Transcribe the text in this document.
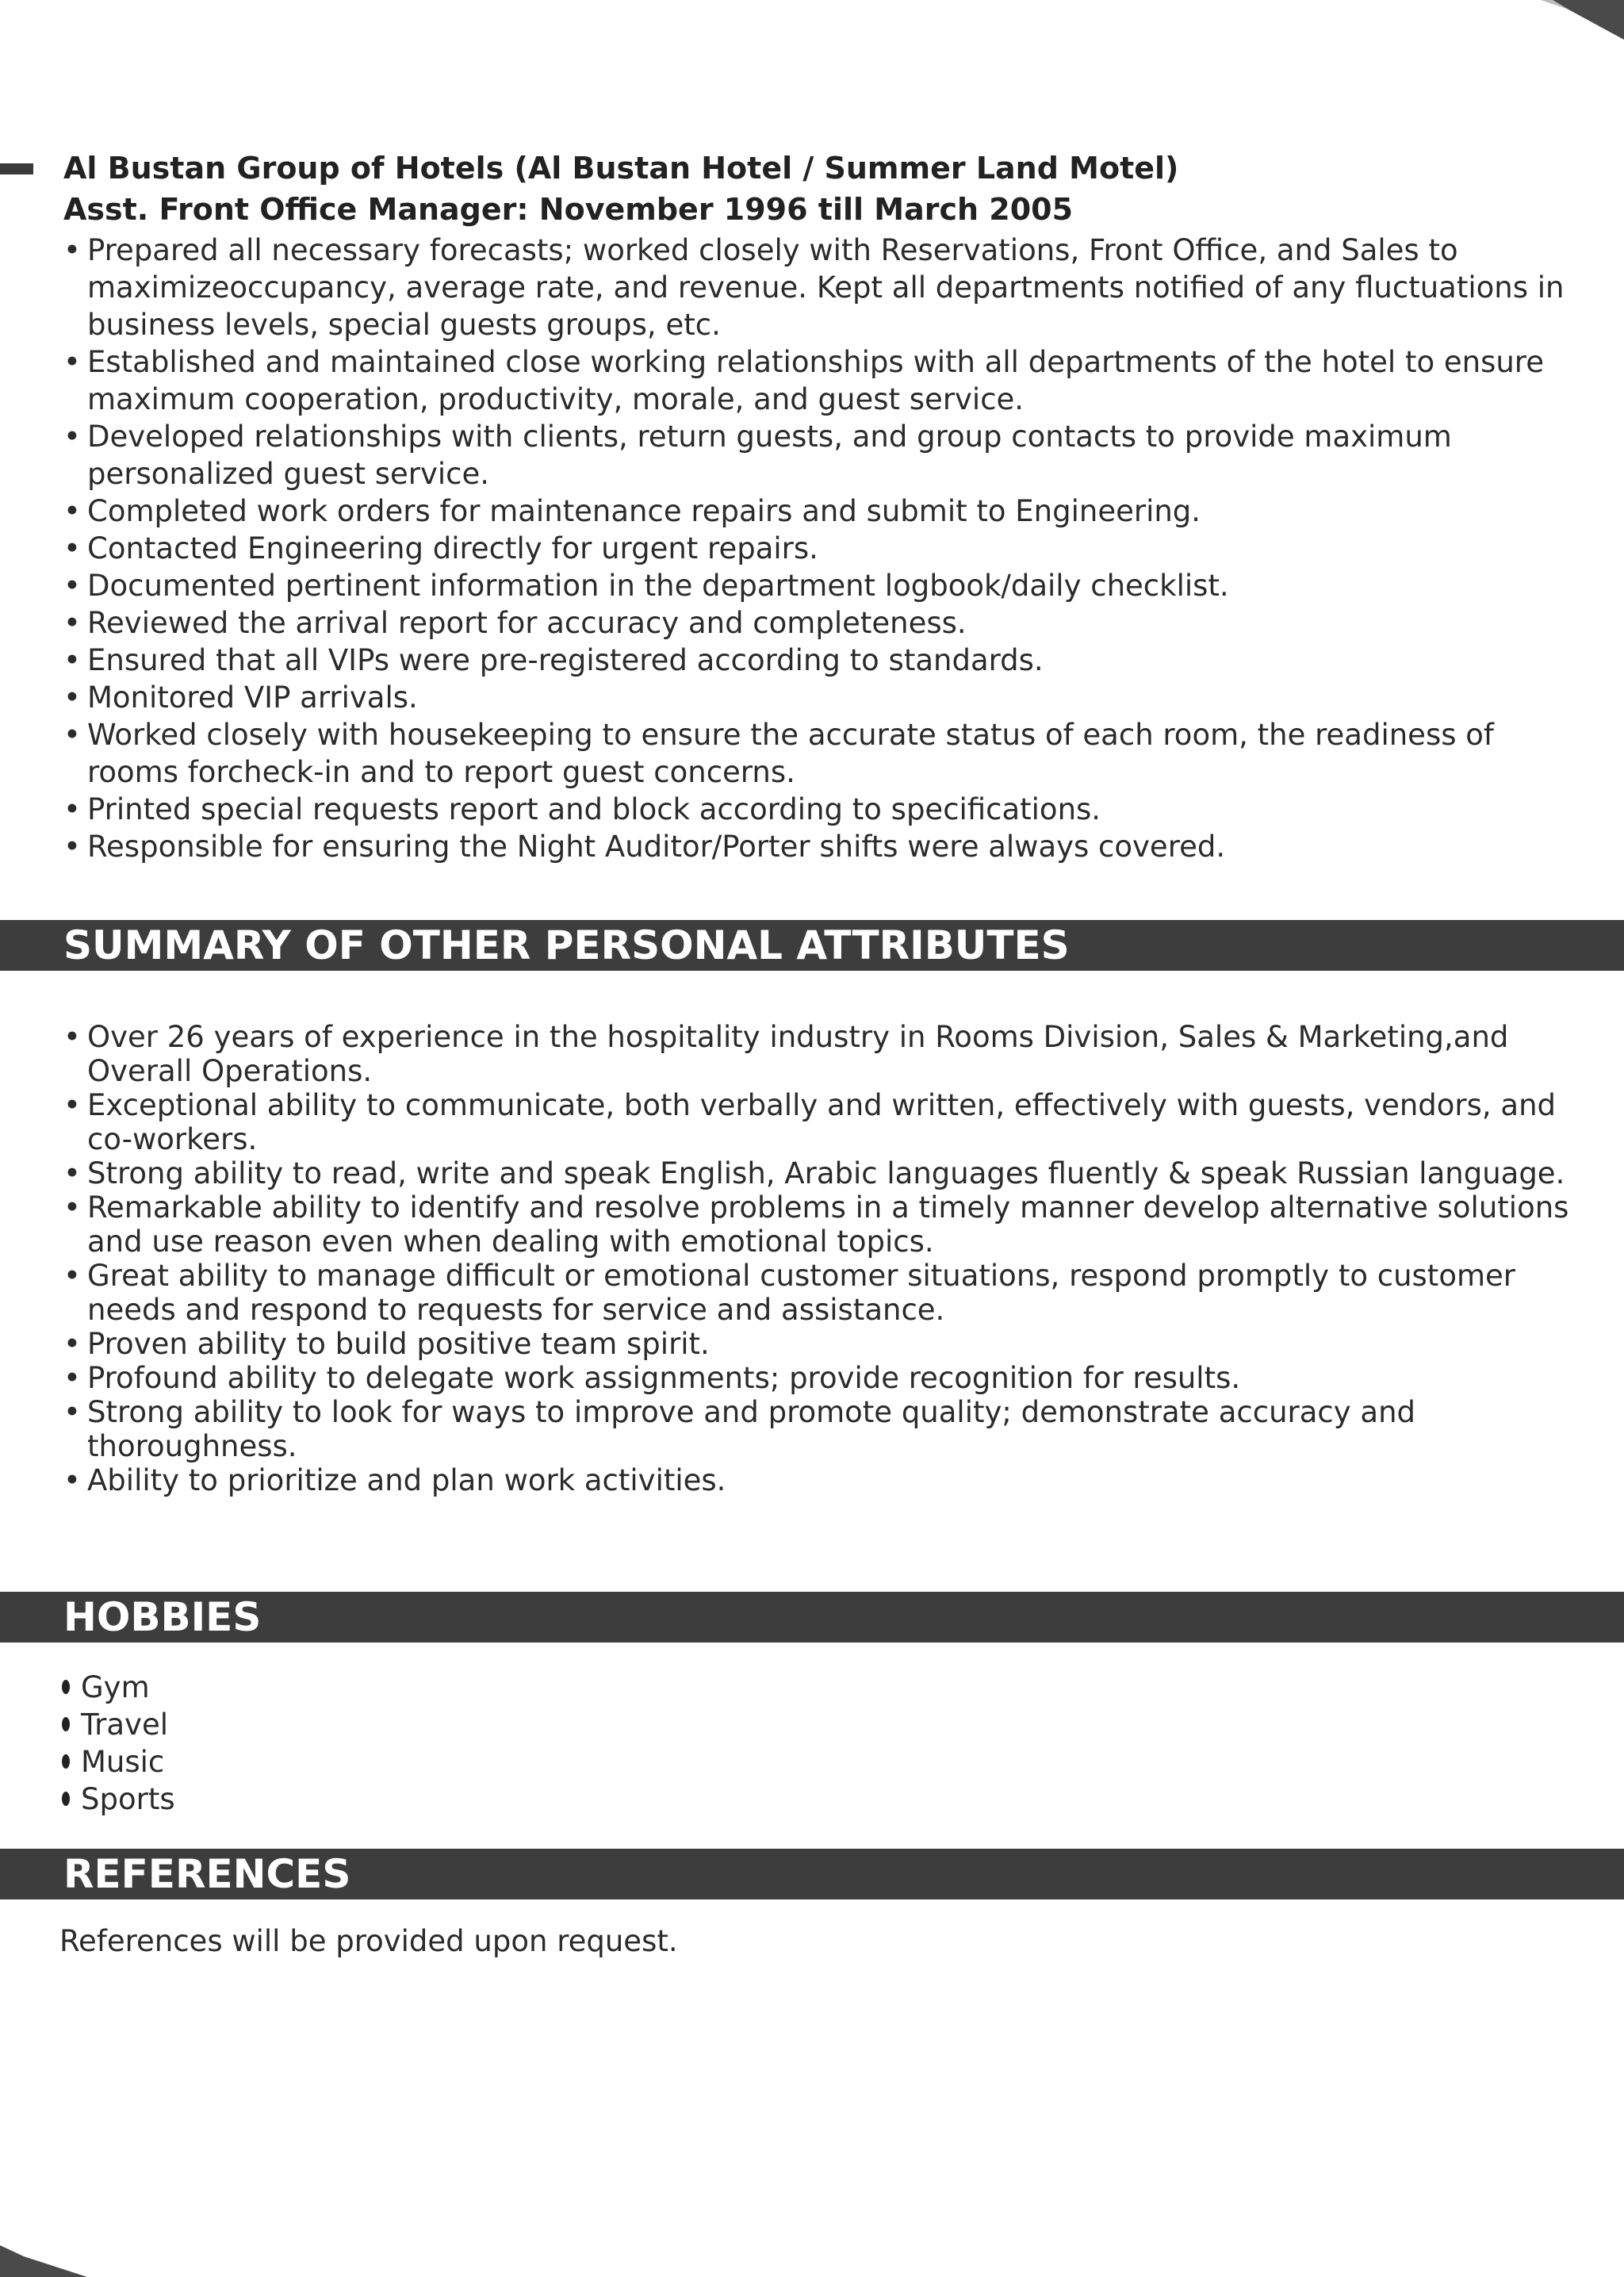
Al Bustan Group of Hotels (Al Bustan Hotel / Summer Land Motel)
Asst. Front Office Manager: November 1996 till March 2005
• Prepared all necessary forecasts; worked closely with Reservations, Front Office, and Sales to maximizeoccupancy, average rate, and revenue. Kept all departments notified of any fluctuations in business levels, special guests groups, etc.
• Established and maintained close working relationships with all departments of the hotel to ensure maximum cooperation, productivity, morale, and guest service.
• Developed relationships with clients, return guests, and group contacts to provide maximum personalized guest service.
• Completed work orders for maintenance repairs and submit to Engineering.
• Contacted Engineering directly for urgent repairs.
• Documented pertinent information in the department logbook/daily checklist.
• Reviewed the arrival report for accuracy and completeness.
• Ensured that all VIPs were pre-registered according to standards.
• Monitored VIP arrivals.
• Worked closely with housekeeping to ensure the accurate status of each room, the readiness of rooms forcheck-in and to report guest concerns.
• Printed special requests report and block according to specifications.
• Responsible for ensuring the Night Auditor/Porter shifts were always covered.
SUMMARY OF OTHER PERSONAL ATTRIBUTES
• Over 26 years of experience in the hospitality industry in Rooms Division, Sales & Marketing,and Overall Operations.
• Exceptional ability to communicate, both verbally and written, effectively with guests, vendors, and co-workers.
• Strong ability to read, write and speak English, Arabic languages fluently & speak Russian language.
• Remarkable ability to identify and resolve problems in a timely manner develop alternative solutions and use reason even when dealing with emotional topics.
• Great ability to manage difficult or emotional customer situations, respond promptly to customer needs and respond to requests for service and assistance.
• Proven ability to build positive team spirit.
• Profound ability to delegate work assignments; provide recognition for results.
• Strong ability to look for ways to improve and promote quality; demonstrate accuracy and thoroughness.
• Ability to prioritize and plan work activities.
HOBBIES
Gym
Travel
Music
Sports
REFERENCES
References will be provided upon request.
